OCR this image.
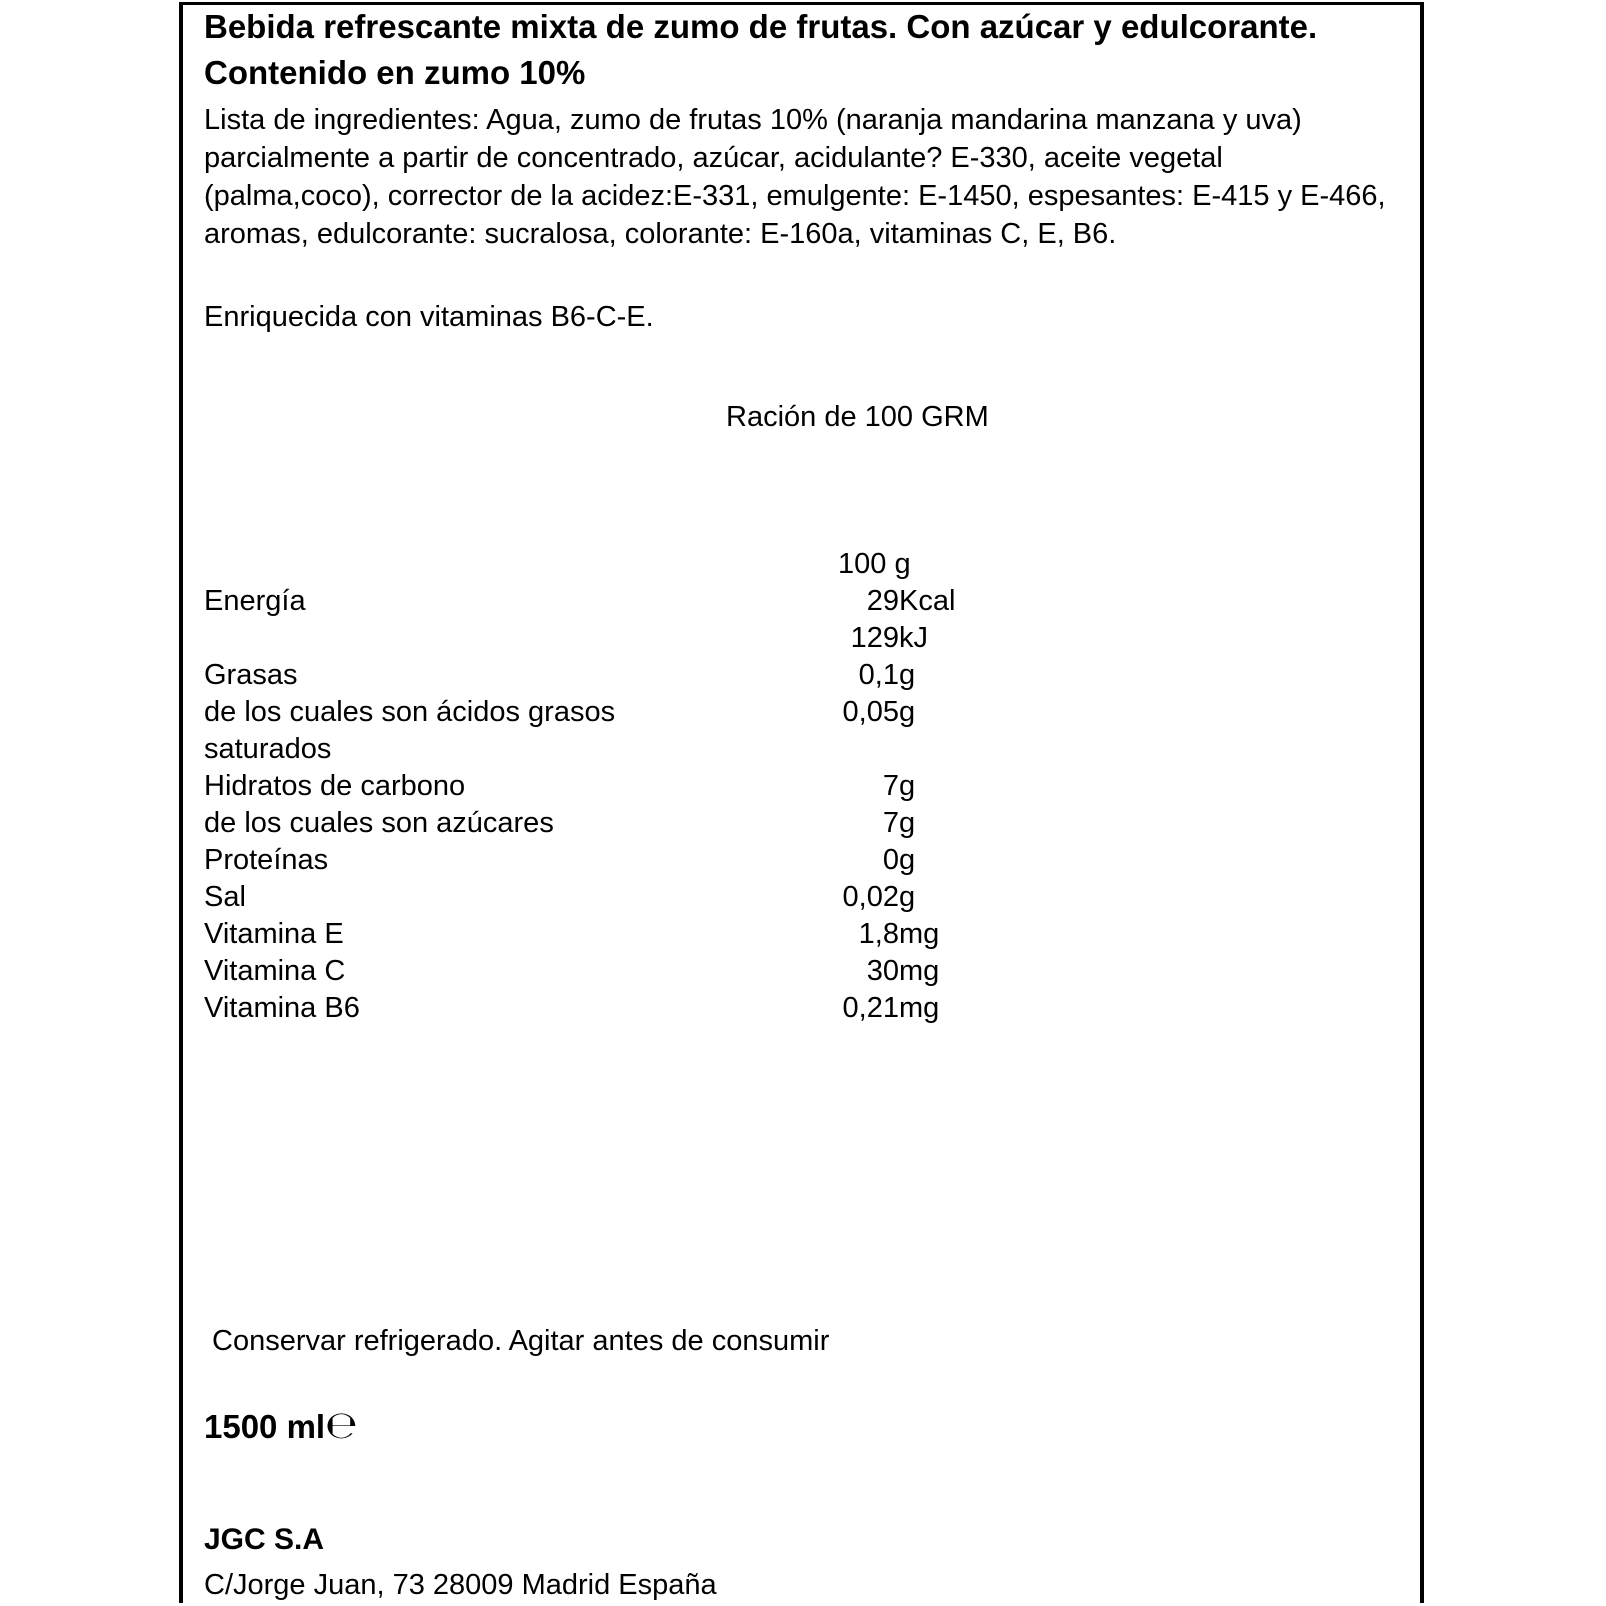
Bebida refrescante mixta de zumo de frutas. Con azúcar y edulcorante. Contenido en zumo 10%

Lista de ingredientes: Agua, zumo de frutas 10% (naranja mandarina manzana y uva) parcialmente a partir de concentrado, azúcar, acidulante? E-330, aceite vegetal (palma,coco), corrector de la acidez:E-331, emulgente: E-1450, espesantes: E-415 y E-466, aromas, edulcorante: sucralosa, colorante: E-160a, vitaminas C, E, B6.

Enriquecida con vitaminas B6-C-E.

Ración de 100 GRM

100 g
Energía	29 Kcal
129 kJ
Grasas	0,1 g
de los cuales son ácidos grasos	0,05 g
saturados
Hidratos de carbono	7 g
de los cuales son azúcares	7 g
Proteínas	0 g
Sal	0,02 g
Vitamina E	1,8 mg
Vitamina C	30 mg
Vitamina B6	0,21 mg

Conservar refrigerado. Agitar antes de consumir

1500 ml℮

JGC S.A

C/Jorge Juan, 73 28009 Madrid España
